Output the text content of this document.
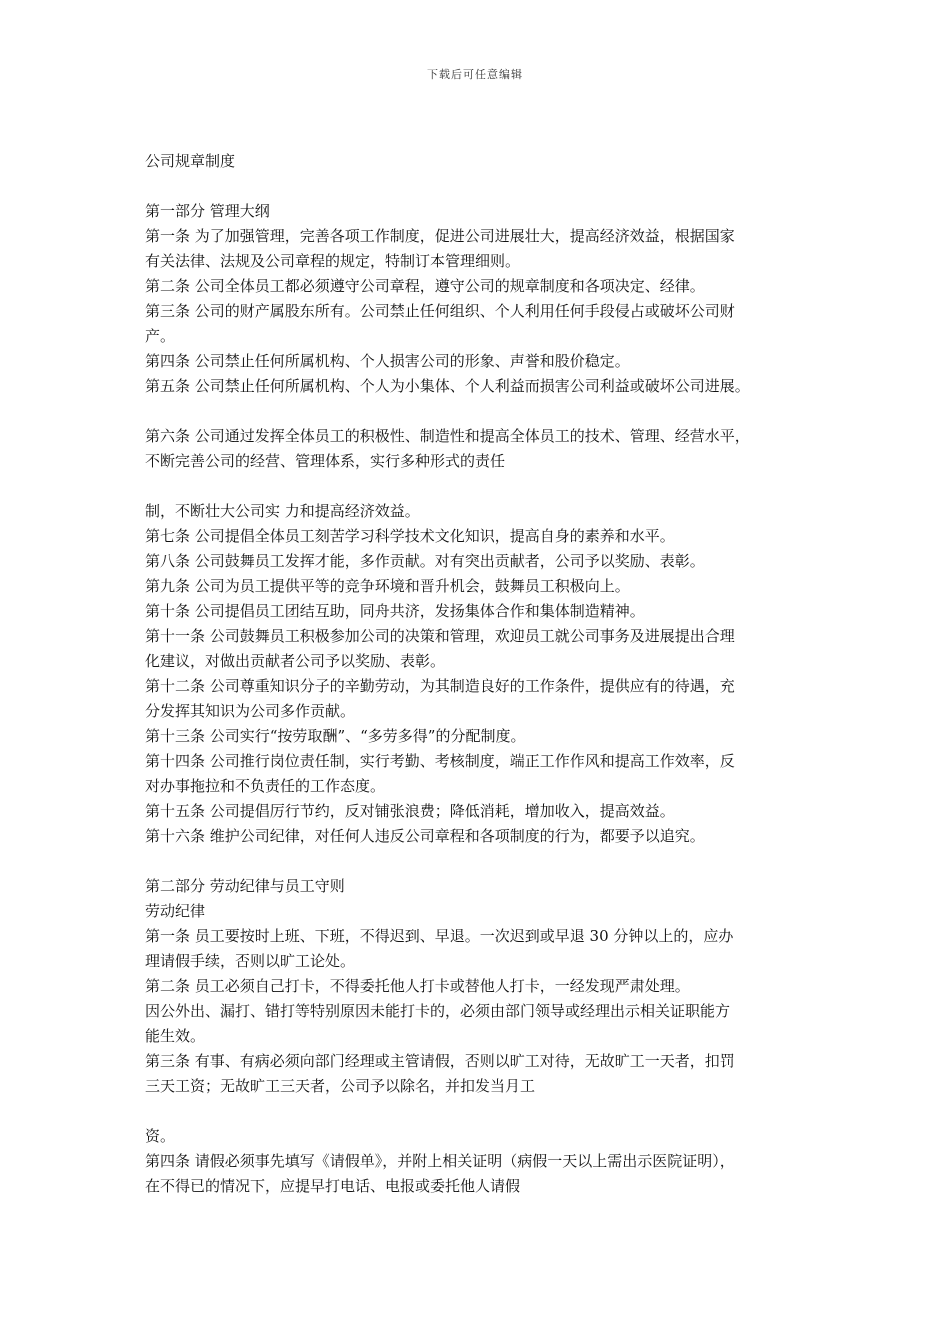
下载后可任意编辑
公司规章制度
第一部分 管理大纲
第一条 为了加强管理，完善各项工作制度，促进公司进展壮大，提高经济效益，根据国家
有关法律、法规及公司章程的规定，特制订本管理细则。
第二条 公司全体员工都必须遵守公司章程，遵守公司的规章制度和各项决定、经律。
第三条 公司的财产属股东所有。公司禁止任何组织、个人利用任何手段侵占或破坏公司财
产。
第四条 公司禁止任何所属机构、个人损害公司的形象、声誉和股价稳定。
第五条 公司禁止任何所属机构、个人为小集体、个人利益而损害公司利益或破坏公司进展。
第六条 公司通过发挥全体员工的积极性、制造性和提高全体员工的技术、管理、经营水平，
不断完善公司的经营、管理体系，实行多种形式的责任
制，不断壮大公司实 力和提高经济效益。
第七条 公司提倡全体员工刻苦学习科学技术文化知识，提高自身的素养和水平。
第八条 公司鼓舞员工发挥才能，多作贡献。对有突出贡献者，公司予以奖励、表彰。
第九条 公司为员工提供平等的竞争环境和晋升机会，鼓舞员工积极向上。
第十条 公司提倡员工团结互助，同舟共济，发扬集体合作和集体制造精神。
第十一条 公司鼓舞员工积极参加公司的决策和管理，欢迎员工就公司事务及进展提出合理
化建议，对做出贡献者公司予以奖励、表彰。
第十二条 公司尊重知识分子的辛勤劳动，为其制造良好的工作条件，提供应有的待遇，充
分发挥其知识为公司多作贡献。
第十三条 公司实行“按劳取酬”、“多劳多得”的分配制度。
第十四条 公司推行岗位责任制，实行考勤、考核制度，端正工作作风和提高工作效率，反
对办事拖拉和不负责任的工作态度。
第十五条 公司提倡厉行节约，反对铺张浪费；降低消耗，增加收入，提高效益。
第十六条 维护公司纪律，对任何人违反公司章程和各项制度的行为，都要予以追究。
第二部分 劳动纪律与员工守则
劳动纪律
第一条 员工要按时上班、下班，不得迟到、早退。一次迟到或早退 30 分钟以上的，应办
理请假手续，否则以旷工论处。
第二条 员工必须自己打卡，不得委托他人打卡或替他人打卡，一经发现严肃处理。
因公外出、漏打、错打等特别原因未能打卡的，必须由部门领导或经理出示相关证职能方
能生效。
第三条 有事、有病必须向部门经理或主管请假，否则以旷工对待，无故旷工一天者，扣罚
三天工资；无故旷工三天者，公司予以除名，并扣发当月工
资。
第四条 请假必须事先填写《请假单》，并附上相关证明（病假一天以上需出示医院证明），
在不得已的情况下，应提早打电话、电报或委托他人请假
